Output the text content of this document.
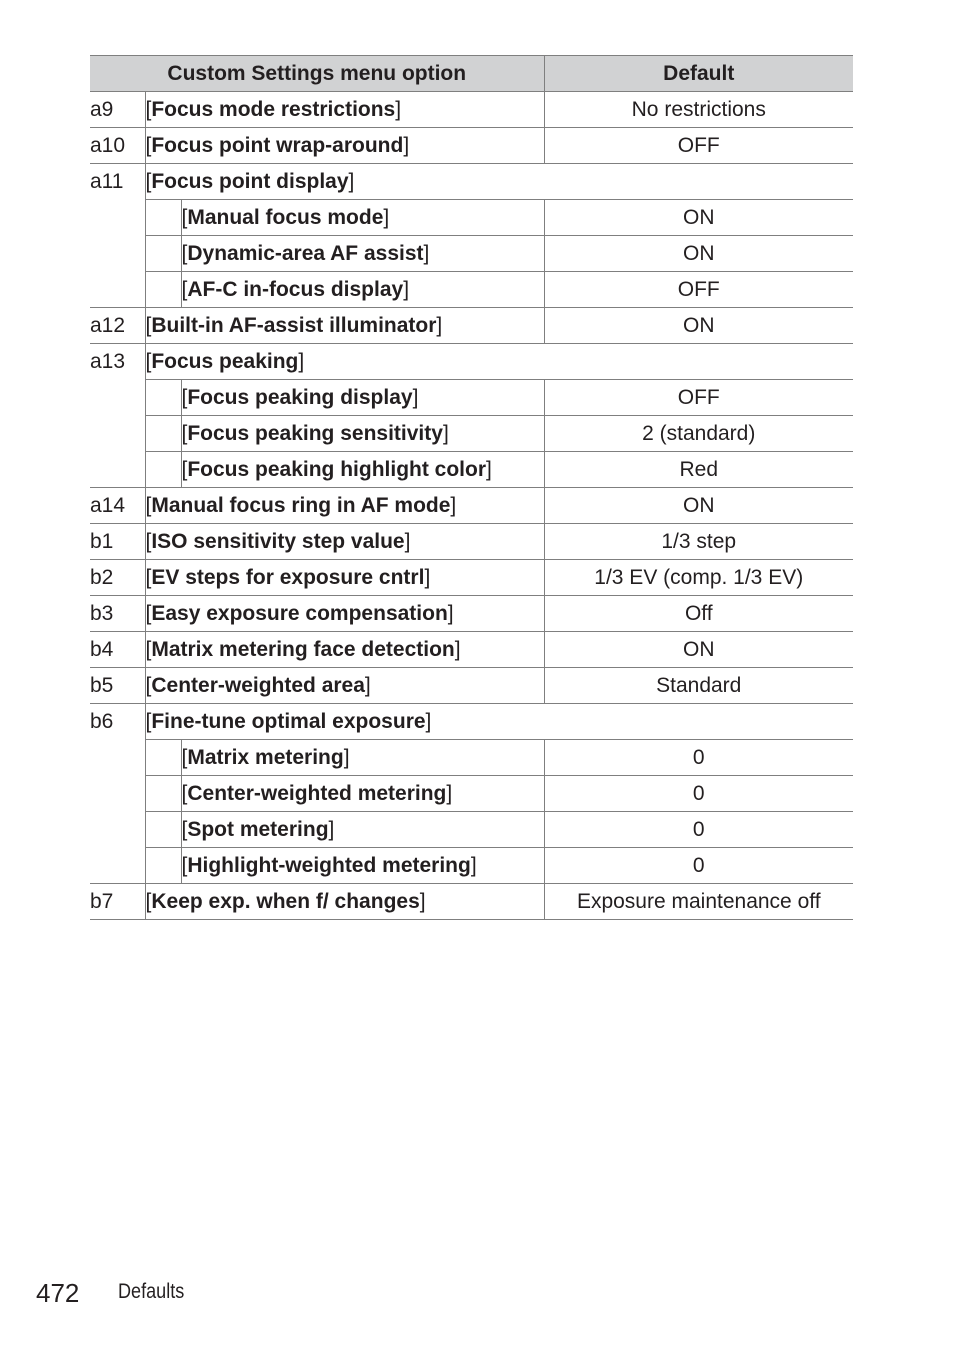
Custom Settings menu option			Default
a9	[Focus mode restrictions]		No restrictions
a10	[Focus point wrap-around]		OFF
a11	[Focus point display]		
		[Manual focus mode]	ON
		[Dynamic-area AF assist]	ON
		[AF-C in-focus display]	OFF
a12	[Built-in AF-assist illuminator]		ON
a13	[Focus peaking]		
		[Focus peaking display]	OFF
		[Focus peaking sensitivity]	2 (standard)
		[Focus peaking highlight color]	Red
a14	[Manual focus ring in AF mode]		ON
b1	[ISO sensitivity step value]		1/3 step
b2	[EV steps for exposure cntrl]		1/3 EV (comp. 1/3 EV)
b3	[Easy exposure compensation]		Off
b4	[Matrix metering face detection]		ON
b5	[Center-weighted area]		Standard
b6	[Fine-tune optimal exposure]		
		[Matrix metering]	0
		[Center-weighted metering]	0
		[Spot metering]	0
		[Highlight-weighted metering]	0
b7	[Keep exp. when f/ changes]		Exposure maintenance off
472 Defaults
